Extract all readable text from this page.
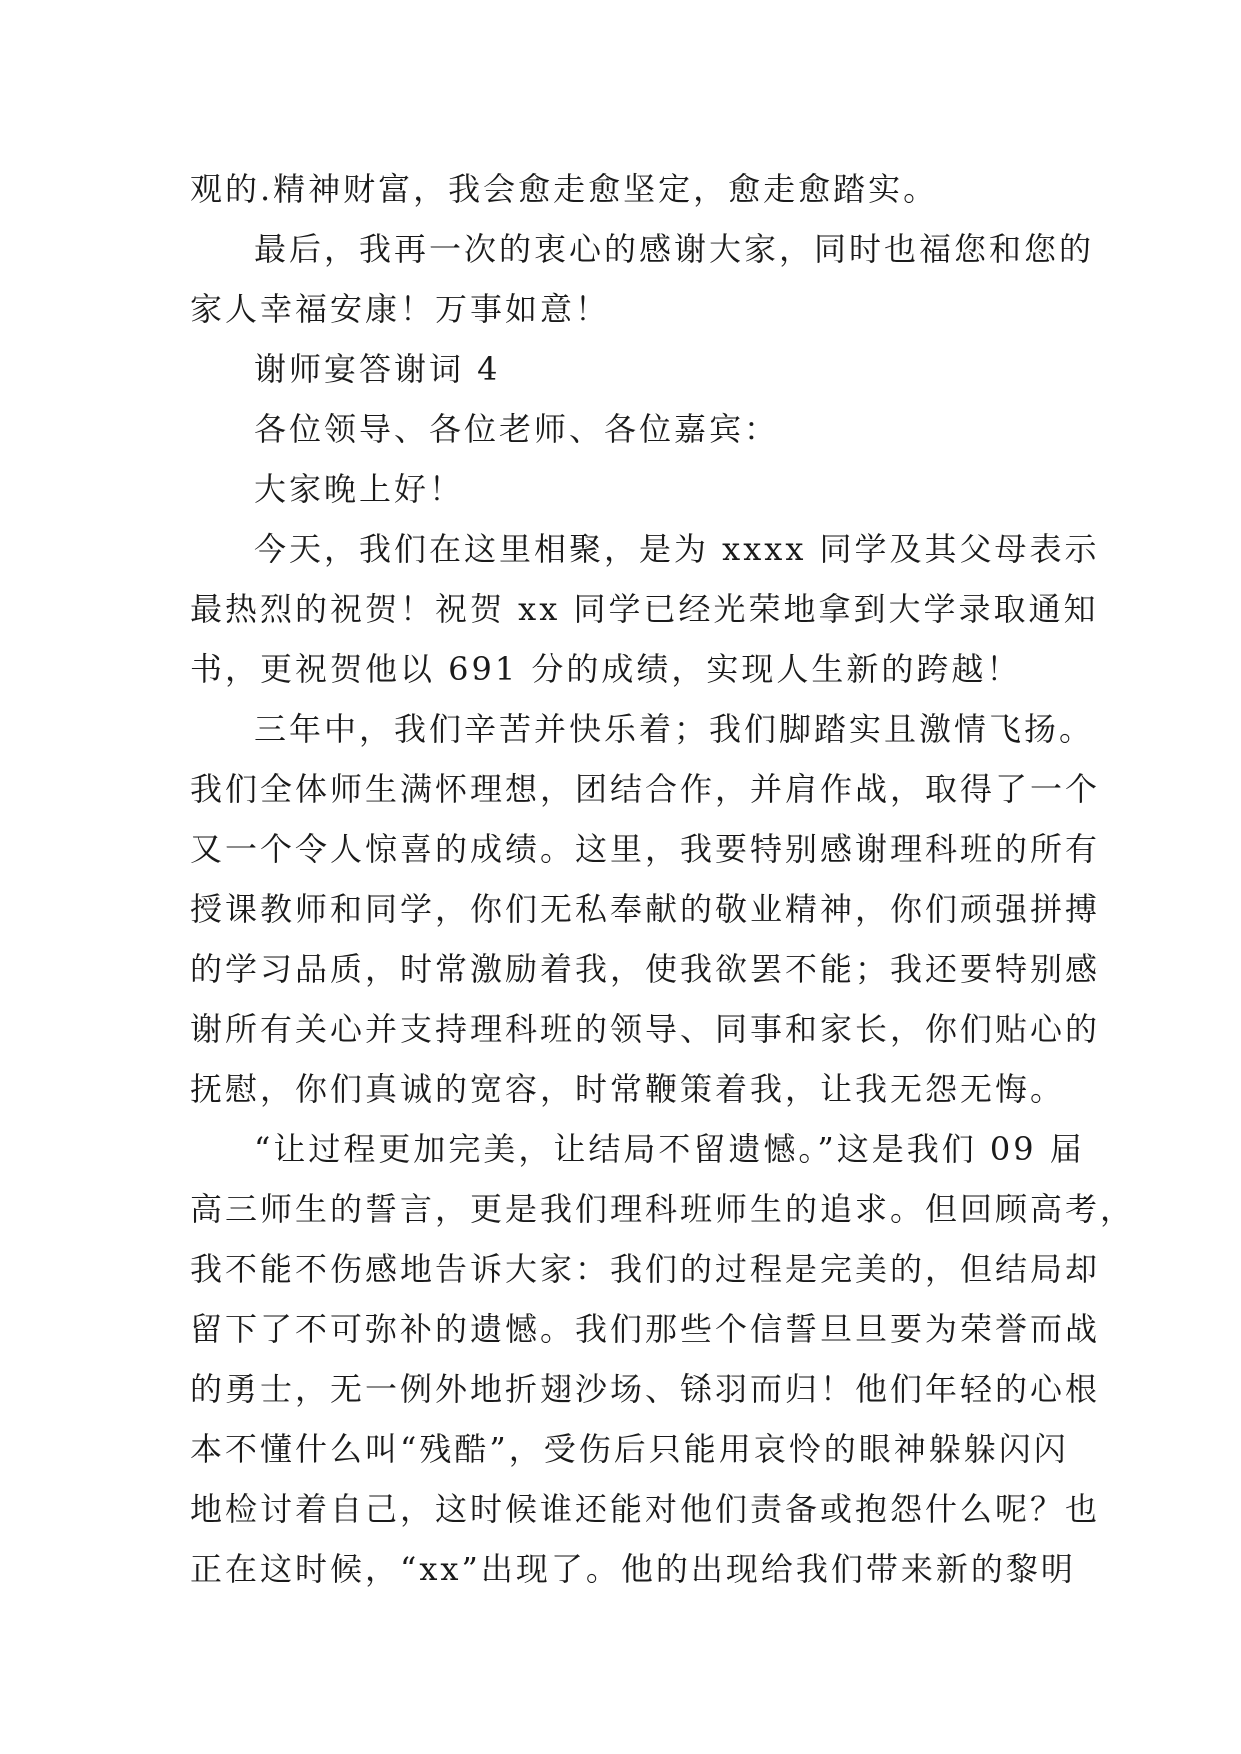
观的.精神财富，我会愈走愈坚定，愈走愈踏实。
最后，我再一次的衷心的感谢大家，同时也福您和您的
家人幸福安康！万事如意！
谢师宴答谢词 4
各位领导、各位老师、各位嘉宾：
大家晚上好！
今天，我们在这里相聚，是为 xxxx 同学及其父母表示
最热烈的祝贺！祝贺 xx 同学已经光荣地拿到大学录取通知
书，更祝贺他以 691 分的成绩，实现人生新的跨越！
三年中，我们辛苦并快乐着；我们脚踏实且激情飞扬。
我们全体师生满怀理想，团结合作，并肩作战，取得了一个
又一个令人惊喜的成绩。这里，我要特别感谢理科班的所有
授课教师和同学，你们无私奉献的敬业精神，你们顽强拼搏
的学习品质，时常激励着我，使我欲罢不能；我还要特别感
谢所有关心并支持理科班的领导、同事和家长，你们贴心的
抚慰，你们真诚的宽容，时常鞭策着我，让我无怨无悔。
“让过程更加完美，让结局不留遗憾。”这是我们 09 届
高三师生的誓言，更是我们理科班师生的追求。但回顾高考，
我不能不伤感地告诉大家：我们的过程是完美的，但结局却
留下了不可弥补的遗憾。我们那些个信誓旦旦要为荣誉而战
的勇士，无一例外地折翅沙场、铩羽而归！他们年轻的心根
本不懂什么叫“残酷”，受伤后只能用哀怜的眼神躲躲闪闪
地检讨着自己，这时候谁还能对他们责备或抱怨什么呢？也
正在这时候，“xx”出现了。他的出现给我们带来新的黎明
